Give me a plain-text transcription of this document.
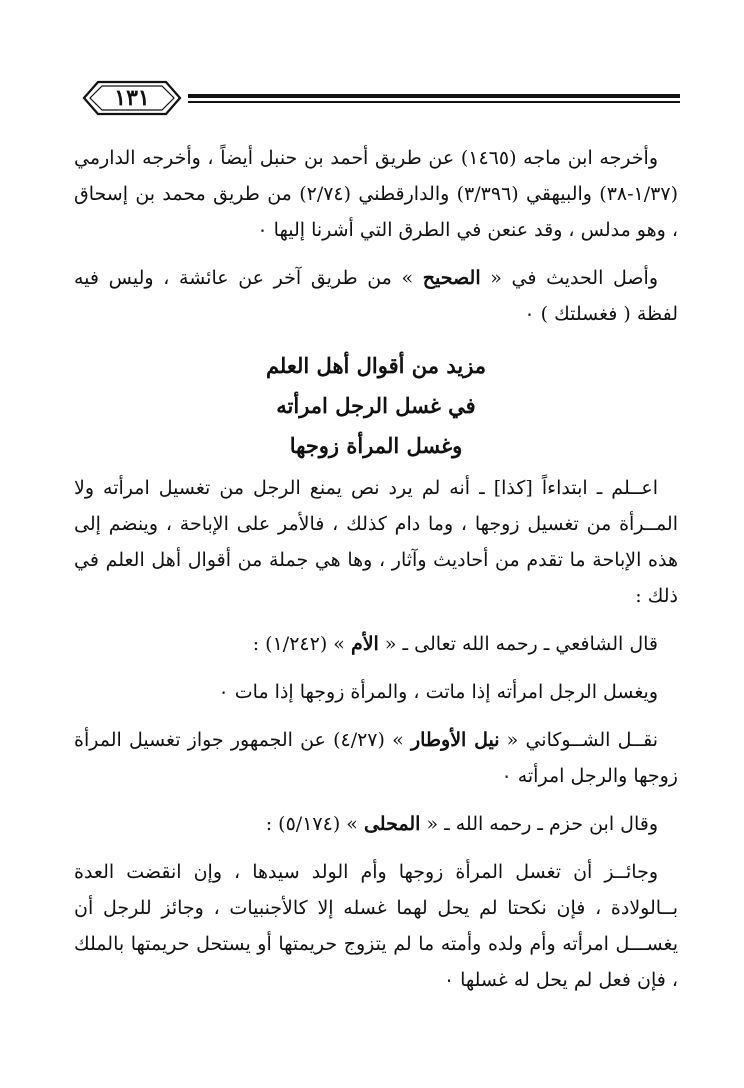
١٣١

وأخرجه ابن ماجه (١٤٦٥) عن طريق أحمد بن حنبل أيضاً ، وأخرجه الدارمي (١/٣٧-٣٨) والبيهقي (٣/٣٩٦) والدارقطني (٢/٧٤) من طريق محمد بن إسحاق ، وهو مدلس ، وقد عنعن في الطرق التي أشرنا إليها ٠

وأصل الحديث في « الصحيح » من طريق آخر عن عائشة ، وليس فيه لفظة ( فغسلتك ) ٠

مزيد من أقوال أهل العلم

في غسل الرجل امرأته

وغسل المرأة زوجها

اعــلم ـ ابتداءاً [كذا] ـ أنه لم يرد نص يمنع الرجل من تغسيل امرأته ولا المــرأة من تغسيل زوجها ، وما دام كذلك ، فالأمر على الإباحة ، وينضم إلى هذه الإباحة ما تقدم من أحاديث وآثار ، وها هي جملة من أقوال أهل العلم في ذلك :

قال الشافعي ـ رحمه الله تعالى ـ « الأم » (١/٢٤٢) :

ويغسل الرجل امرأته إذا ماتت ، والمرأة زوجها إذا مات ٠

نقــل الشــوكاني « نيل الأوطار » (٤/٢٧) عن الجمهور جواز تغسيل المرأة زوجها والرجل امرأته ٠

وقال ابن حزم ـ رحمه الله ـ « المحلى » (٥/١٧٤) :

وجائــز أن تغسل المرأة زوجها وأم الولد سيدها ، وإن انقضت العدة بــالولادة ، فإن نكحتا لم يحل لهما غسله إلا كالأجنبيات ، وجائز للرجل أن يغســـل امرأته وأم ولده وأمته ما لم يتزوج حريمتها أو يستحل حريمتها بالملك ، فإن فعل لم يحل له غسلها ٠
